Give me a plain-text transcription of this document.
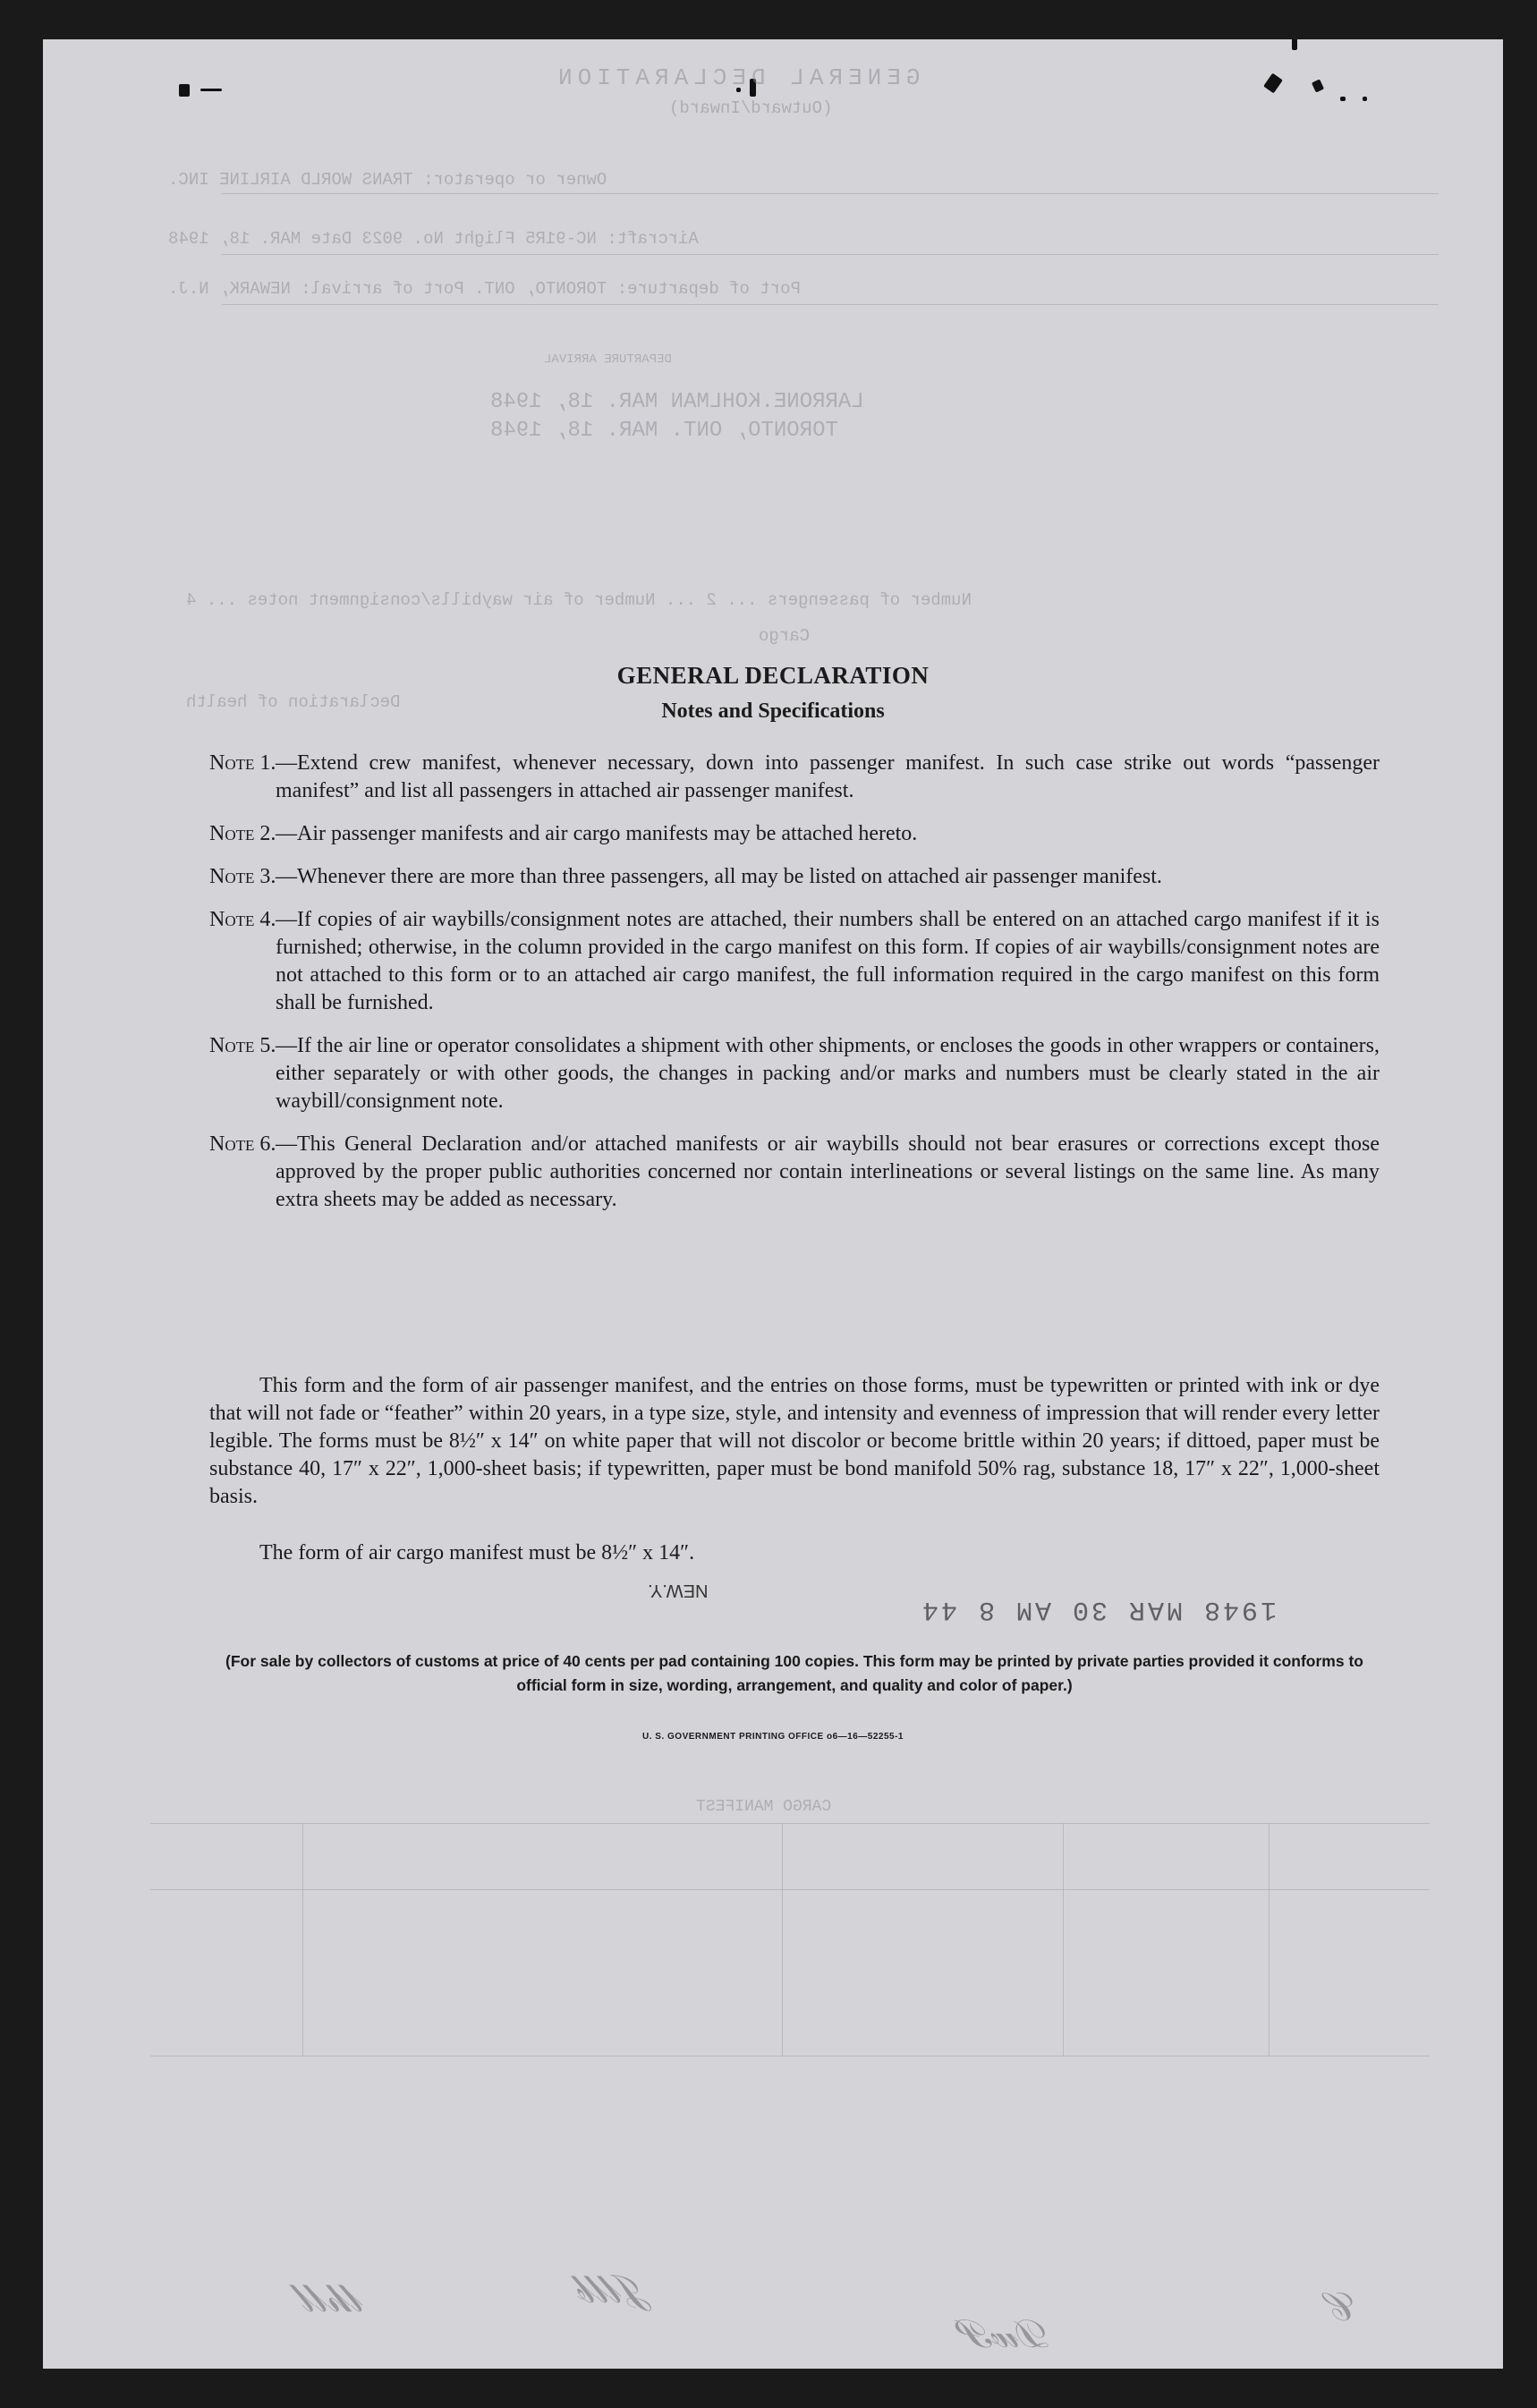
GENERAL DECLARATION
(Outward/Inward)
Owner or operator: TRANS WORLD AIRLINE INC.
Aircraft: NC-91R5 Flight No. 9023 Date MAR. 18, 1948
Port of departure: TORONTO, ONT. Port of arrival: NEWARK, N.J.
DEPARTURE ARRIVAL
LARRONE.KOHLMAN MAR. 18, 1948
TORONTO, ONT. MAR. 18, 1948
Number of passengers ... 2 ... Number of air waybills/consignment notes ... 4
Cargo
Declaration of health
CARGO MANIFEST
𝓁𝒽𝓁𝓁	𝒥𝓁𝓁𝒷
𝒟𝓌𝒫
𝒞
GENERAL DECLARATION
Notes and Specifications
Note 1. —Extend crew manifest, whenever necessary, down into passenger manifest. In such case strike out words “passenger manifest” and list all passengers in attached air passenger manifest.
Note 2. —Air passenger manifests and air cargo manifests may be attached hereto.
Note 3. —Whenever there are more than three passengers, all may be listed on attached air passenger manifest.
Note 4. —If copies of air waybills/consignment notes are attached, their numbers shall be entered on an attached cargo manifest if it is furnished; otherwise, in the column provided in the cargo manifest on this form. If copies of air waybills/consignment notes are not attached to this form or to an attached air cargo manifest, the full information required in the cargo manifest on this form shall be furnished.
Note 5. —If the air line or operator consolidates a shipment with other shipments, or encloses the goods in other wrappers or containers, either separately or with other goods, the changes in packing and/or marks and numbers must be clearly stated in the air waybill/consignment note.
Note 6. —This General Declaration and/or attached manifests or air waybills should not bear erasures or corrections except those approved by the proper public authorities concerned nor contain interlineations or several listings on the same line. As many extra sheets may be added as necessary.
This form and the form of air passenger manifest, and the entries on those forms, must be typewritten or printed with ink or dye that will not fade or “feather” within 20 years, in a type size, style, and intensity and evenness of impression that will render every letter legible. The forms must be 8½″ x 14″ on white paper that will not discolor or become brittle within 20 years; if dittoed, paper must be substance 40, 17″ x 22″, 1,000-sheet basis; if typewritten, paper must be bond manifold 50% rag, substance 18, 17″ x 22″, 1,000-sheet basis.
The form of air cargo manifest must be 8½″ x 14″.
1948 MAR 30 AM 8 44
NEW.Y.
(For sale by collectors of customs at price of 40 cents per pad containing 100 copies. This form may be printed by private parties provided it conforms to official form in size, wording, arrangement, and quality and color of paper.)
U. S. GOVERNMENT PRINTING OFFICE o6—16—52255-1
